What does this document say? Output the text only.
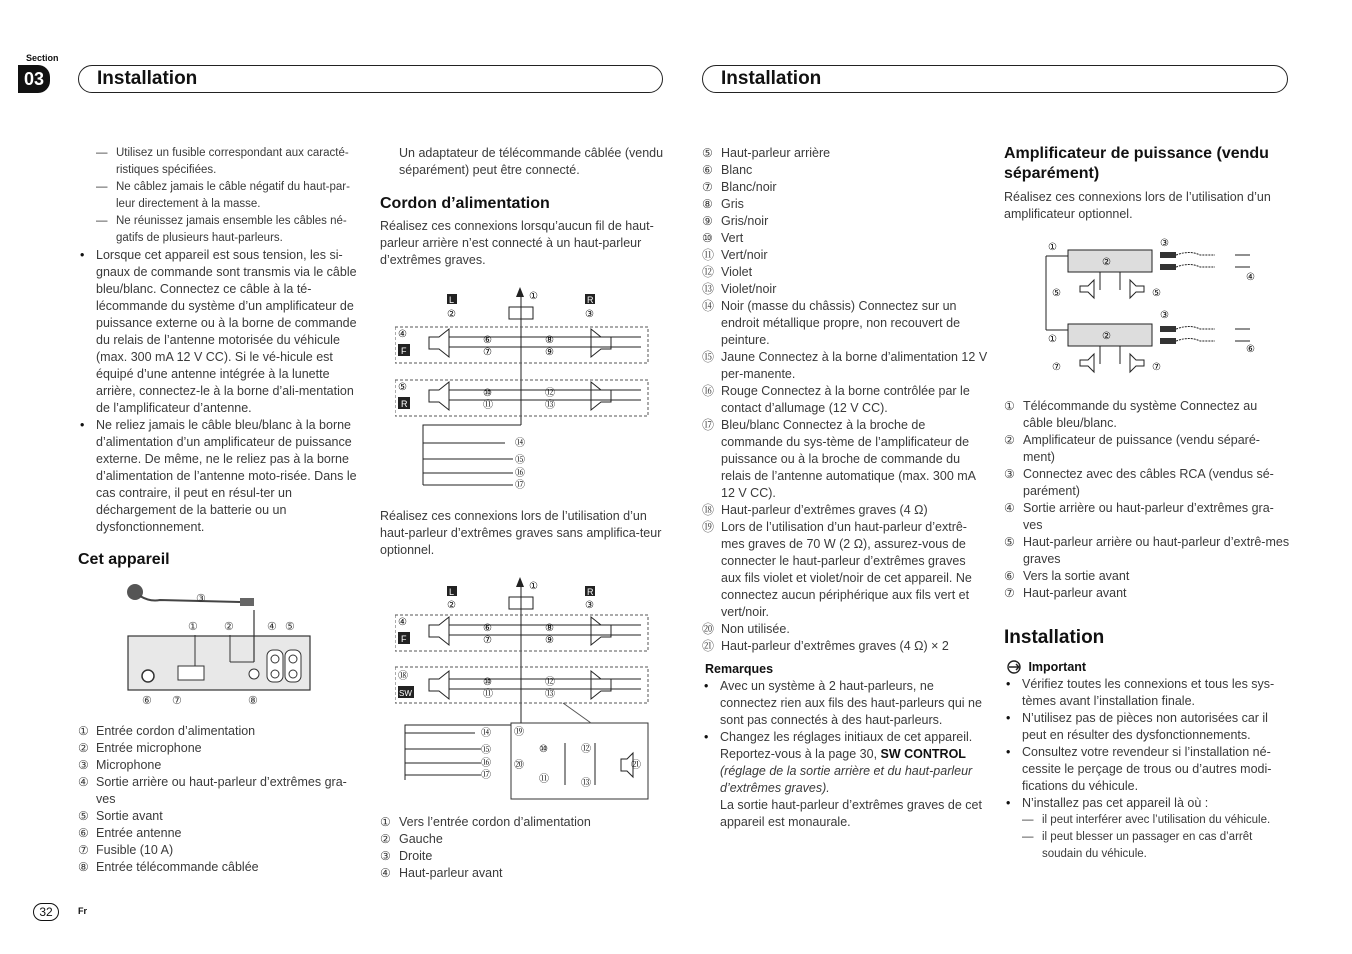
Section
03	Installation	Installation

— Utilisez un fusible correspondant aux caracté-ristiques spécifiées.

— Ne câblez jamais le câble négatif du haut-par-leur directement à la masse.

— Ne réunissez jamais ensemble les câbles né-gatifs de plusieurs haut-parleurs.

• Lorsque cet appareil est sous tension, les si-gnaux de commande sont transmis via le câble bleu/blanc. Connectez ce câble à la té-lécommande du système d’un amplificateur de puissance externe ou à la borne de commande du relais de l’antenne motorisée du véhicule (max. 300 mA 12 V CC). Si le vé-hicule est équipé d’une antenne intégrée à la lunette arrière, connectez-le à la borne d’ali-mentation de l’amplificateur d’antenne.

• Ne reliez jamais le câble bleu/blanc à la borne d’alimentation d’un amplificateur de puissance externe. De même, ne le reliez pas à la borne d’alimentation de l’antenne moto-risée. Dans le cas contraire, il peut en résul-ter un déchargement de la batterie ou un dysfonctionnement.

Cet appareil
③
① ②	④ ⑤
⑥ ⑦	⑧

① Entrée cordon d’alimentation

② Entrée microphone

③ Microphone

④ Sortie arrière ou haut-parleur d’extrêmes gra-ves

⑤ Sortie avant

⑥ Entrée antenne

⑦ Fusible (10 A)

⑧ Entrée télécommande câblée

Un adaptateur de télécommande câblée (vendu séparément) peut être connecté.

Cordon d’alimentation
Réalisez ces connexions lorsqu’aucun fil de haut-parleur arrière n’est connecté à un haut-parleur d’extrêmes graves.
L	R
②	③
①
④
F
⑥
⑦
⑧
⑨
⑤
R
⑩
⑪
⑫
⑬
⑭
⑮
⑯
⑰
Réalisez ces connexions lors de l’utilisation d’un haut-parleur d’extrêmes graves sans amplifica-teur optionnel.
L	R
②	③
①
④
F
⑥
⑦
⑧
⑨
⑱
SW
⑩
⑪
⑫
⑬
⑭
⑮
⑯
⑰
⑲
⑳
⑩
⑪
⑫
⑬
㉑

① Vers l’entrée cordon d’alimentation

② Gauche

③ Droite

④ Haut-parleur avant

⑤ Haut-parleur arrière

⑥ Blanc

⑦ Blanc/noir

⑧ Gris

⑨ Gris/noir

⑩ Vert

⑪ Vert/noir

⑫ Violet

⑬ Violet/noir

⑭ Noir (masse du châssis) Connectez sur un endroit métallique propre, non recouvert de peinture.

⑮ Jaune Connectez à la borne d’alimentation 12 V per-manente.

⑯ Rouge Connectez à la borne contrôlée par le contact d’allumage (12 V CC).

⑰ Bleu/blanc Connectez à la broche de commande du sys-tème de l’amplificateur de puissance ou à la broche de commande du relais de l’antenne automatique (max. 300 mA 12 V CC).

⑱ Haut-parleur d’extrêmes graves (4 Ω)

⑲ Lors de l’utilisation d’un haut-parleur d’extrê-mes graves de 70 W (2 Ω), assurez-vous de connecter le haut-parleur d’extrêmes graves aux fils violet et violet/noir de cet appareil. Ne connectez aucun périphérique aux fils vert et vert/noir.

⑳ Non utilisée.

㉑ Haut-parleur d’extrêmes graves (4 Ω) × 2

Remarques

• Avec un système à 2 haut-parleurs, ne connectez rien aux fils des haut-parleurs qui ne sont pas connectés à des haut-parleurs.

• Changez les réglages initiaux de cet appareil. Reportez-vous à la page 30, SW CONTROL (réglage de la sortie arrière et du haut-parleur d’extrêmes graves).
La sortie haut-parleur d’extrêmes graves de cet appareil est monaurale.

Amplificateur de puissance (vendu séparément)
Réalisez ces connexions lors de l’utilisation d’un amplificateur optionnel.
①
②
③
④
⑤	⑤
②
①
③
⑥
⑦	⑦

① Télécommande du système Connectez au câble bleu/blanc.

② Amplificateur de puissance (vendu séparé-ment)

③ Connectez avec des câbles RCA (vendus sé-parément)

④ Sortie arrière ou haut-parleur d’extrêmes gra-ves

⑤ Haut-parleur arrière ou haut-parleur d’extrê-mes graves

⑥ Vers la sortie avant

⑦ Haut-parleur avant

Installation
Important

• Vérifiez toutes les connexions et tous les sys-tèmes avant l’installation finale.

• N’utilisez pas de pièces non autorisées car il peut en résulter des dysfonctionnements.

• Consultez votre revendeur si l’installation né-cessite le perçage de trous ou d’autres modi-fications du véhicule.

• N’installez pas cet appareil là où :

— il peut interférer avec l’utilisation du véhicule.

— il peut blesser un passager en cas d’arrêt soudain du véhicule.

32	Fr
